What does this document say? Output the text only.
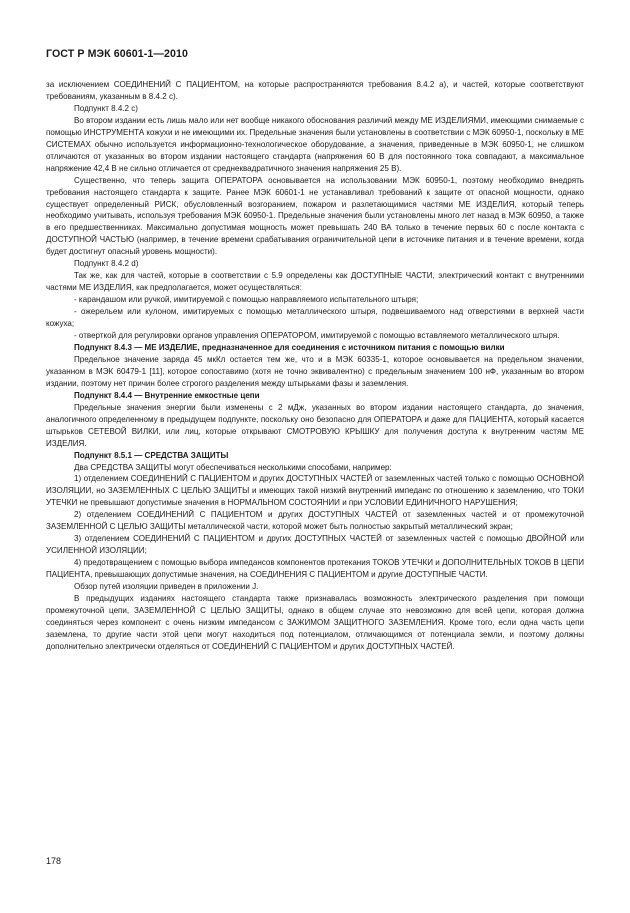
ГОСТ Р МЭК 60601-1—2010

за исключением СОЕДИНЕНИЙ С ПАЦИЕНТОМ, на которые распространяются требования 8.4.2 а), и частей, которые соответствуют требованиям, указанным в 8.4.2 с).

Подпункт 8.4.2 с)

Во втором издании есть лишь мало или нет вообще никакого обоснования различий между МЕ ИЗДЕЛИЯМИ, имеющими снимаемые с помощью ИНСТРУМЕНТА кожухи и не имеющими их. Предельные значения были установлены в соответствии с МЭК 60950-1, поскольку в МЕ СИСТЕМАХ обычно используется информационно-технологическое оборудование, а значения, приведенные в МЭК 60950-1, не слишком отличаются от указанных во втором издании настоящего стандарта (напряжения 60 В для постоянного тока совпадают, а максимальное напряжение 42,4 В не сильно отличается от среднеквадратичного значения напряжения 25 В).

Существенно, что теперь защита ОПЕРАТОРА основывается на использовании МЭК 60950-1, поэтому необходимо внедрять требования настоящего стандарта к защите. Ранее МЭК 60601-1 не устанавливал требований к защите от опасной мощности, однако существует определенный РИСК, обусловленный возгоранием, пожаром и разлетающимися частями МЕ ИЗДЕЛИЯ, который теперь необходимо учитывать, используя требования МЭК 60950-1. Предельные значения были установлены много лет назад в МЭК 60950, а также в его предшественниках. Максимально допустимая мощность может превышать 240 ВА только в течение первых 60 с после контакта с ДОСТУПНОЙ ЧАСТЬЮ (например, в течение времени срабатывания ограничительной цепи в источнике питания и в течение времени, когда будет достигнут опасный уровень мощности).

Подпункт 8.4.2 d)

Так же, как для частей, которые в соответствии с 5.9 определены как ДОСТУПНЫЕ ЧАСТИ, электрический контакт с внутренними частями МЕ ИЗДЕЛИЯ, как предполагается, может осуществляться:

- карандашом или ручкой, имитируемой с помощью направляемого испытательного штыря;

- ожерельем или кулоном, имитируемых с помощью металлического штыря, подвешиваемого над отверстиями в верхней части кожуха;

- отверткой для регулировки органов управления ОПЕРАТОРОМ, имитируемой с помощью вставляемого металлического штыря.

Подпункт 8.4.3 — МЕ ИЗДЕЛИЕ, предназначенное для соединения с источником питания с помощью вилки

Предельное значение заряда 45 мкКл остается тем же, что и в МЭК 60335-1, которое основывается на предельном значении, указанном в МЭК 60479-1 [11], которое сопоставимо (хотя не точно эквивалентно) с предельным значением 100 нФ, указанным во втором издании, поэтому нет причин более строгого разделения между штырьками фазы и заземления.

Подпункт 8.4.4 — Внутренние емкостные цепи

Предельные значения энергии были изменены с 2 мДж, указанных во втором издании настоящего стандарта, до значения, аналогичного определенному в предыдущем подпункте, поскольку оно безопасно для ОПЕРАТОРА и даже для ПАЦИЕНТА, который касается штырьков СЕТЕВОЙ ВИЛКИ, или лиц, которые открывают СМОТРОВУЮ КРЫШКУ для получения доступа к внутренним частям МЕ ИЗДЕЛИЯ.

Подпункт 8.5.1 — СРЕДСТВА ЗАЩИТЫ

Два СРЕДСТВА ЗАЩИТЫ могут обеспечиваться несколькими способами, например:

1) отделением СОЕДИНЕНИЙ С ПАЦИЕНТОМ и других ДОСТУПНЫХ ЧАСТЕЙ от заземленных частей только с помощью ОСНОВНОЙ ИЗОЛЯЦИИ, но ЗАЗЕМЛЕННЫХ С ЦЕЛЬЮ ЗАЩИТЫ и имеющих такой низкий внутренний импеданс по отношению к заземлению, что ТОКИ УТЕЧКИ не превышают допустимые значения в НОРМАЛЬНОМ СОСТОЯНИИ и при УСЛОВИИ ЕДИНИЧНОГО НАРУШЕНИЯ;

2) отделением СОЕДИНЕНИЙ С ПАЦИЕНТОМ и других ДОСТУПНЫХ ЧАСТЕЙ от заземленных частей и от промежуточной ЗАЗЕМЛЕННОЙ С ЦЕЛЬЮ ЗАЩИТЫ металлической части, которой может быть полностью закрытый металлический экран;

3) отделением СОЕДИНЕНИЙ С ПАЦИЕНТОМ и других ДОСТУПНЫХ ЧАСТЕЙ от заземленных частей с помощью ДВОЙНОЙ или УСИЛЕННОЙ ИЗОЛЯЦИИ;

4) предотвращением с помощью выбора импедансов компонентов протекания ТОКОВ УТЕЧКИ и ДОПОЛНИТЕЛЬНЫХ ТОКОВ В ЦЕПИ ПАЦИЕНТА, превышающих допустимые значения, на СОЕДИНЕНИЯ С ПАЦИЕНТОМ и другие ДОСТУПНЫЕ ЧАСТИ.

Обзор путей изоляции приведен в приложении J.

В предыдущих изданиях настоящего стандарта также признавалась возможность электрического разделения при помощи промежуточной цепи, ЗАЗЕМЛЕННОЙ С ЦЕЛЬЮ ЗАЩИТЫ, однако в общем случае это невозможно для всей цепи, которая должна соединяться через компонент с очень низким импедансом с ЗАЖИМОМ ЗАЩИТНОГО ЗАЗЕМЛЕНИЯ. Кроме того, если одна часть цепи заземлена, то другие части этой цепи могут находиться под потенциалом, отличающимся от потенциала земли, и поэтому должны дополнительно электрически отделяться от СОЕДИНЕНИЙ С ПАЦИЕНТОМ и других ДОСТУПНЫХ ЧАСТЕЙ.

178
